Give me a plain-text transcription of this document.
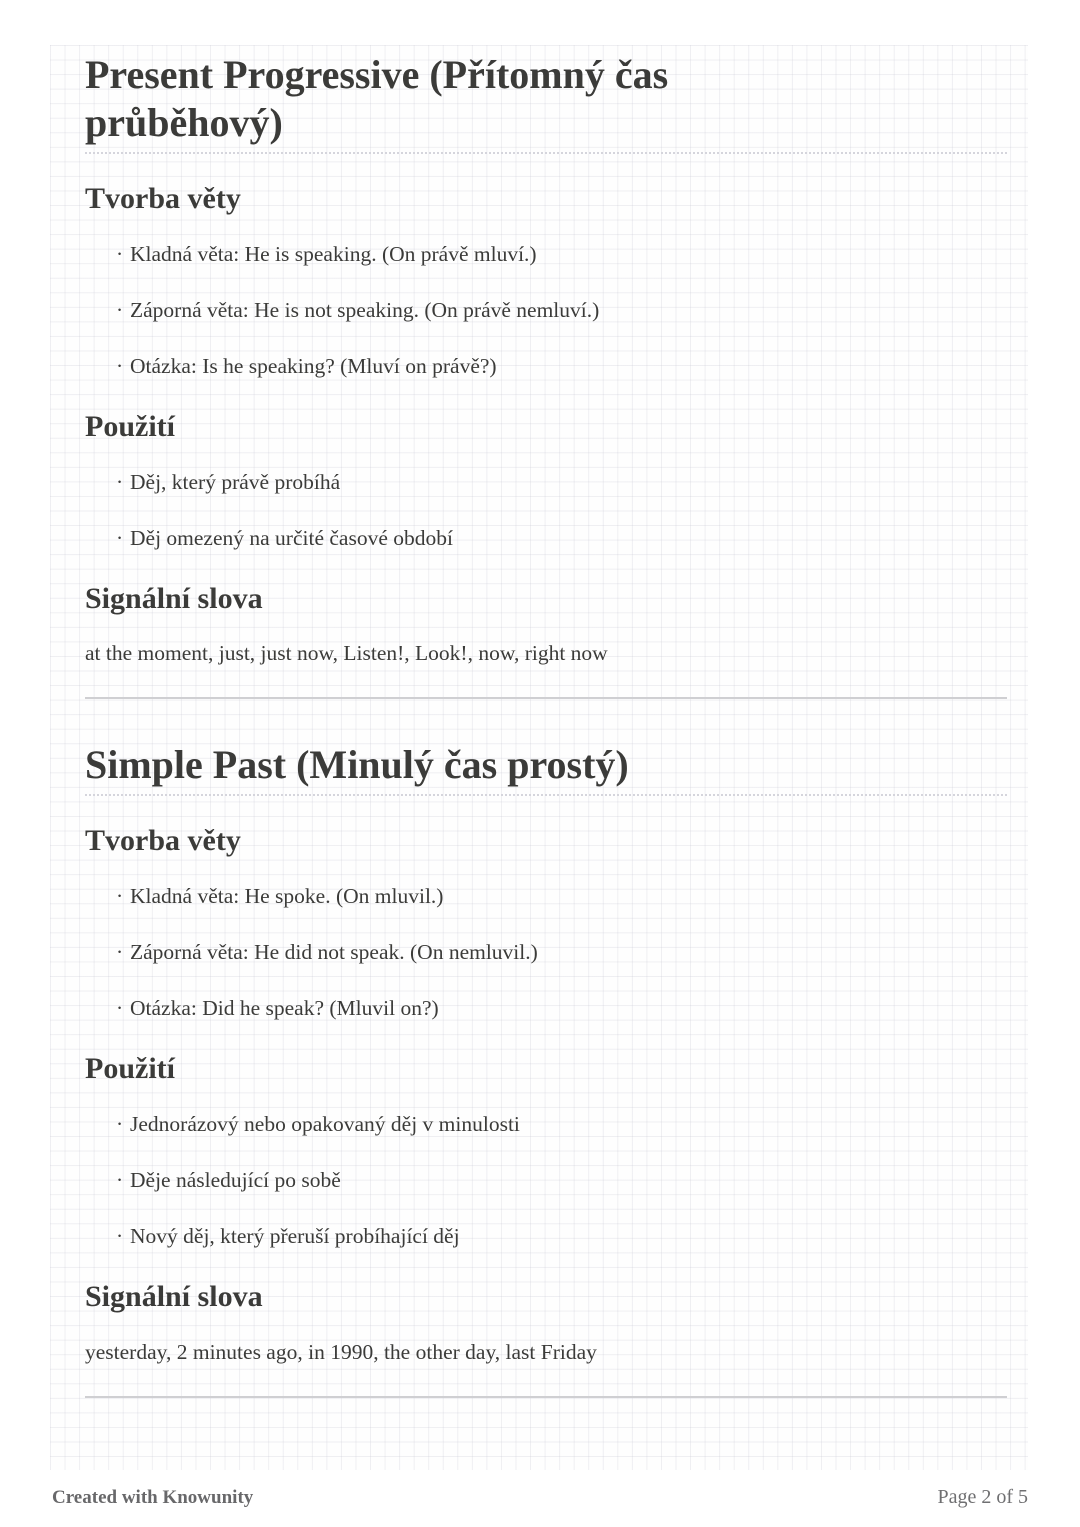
Present Progressive (Přítomný čas průběhový)
Tvorba věty
· Kladná věta: He is speaking. (On právě mluví.)
· Záporná věta: He is not speaking. (On právě nemluví.)
· Otázka: Is he speaking? (Mluví on právě?)
Použití
· Děj, který právě probíhá
· Děj omezený na určité časové období
Signální slova

at the moment, just, just now, Listen!, Look!, now, right now

Simple Past (Minulý čas prostý)
Tvorba věty
· Kladná věta: He spoke. (On mluvil.)
· Záporná věta: He did not speak. (On nemluvil.)
· Otázka: Did he speak? (Mluvil on?)
Použití
· Jednorázový nebo opakovaný děj v minulosti
· Děje následující po sobě
· Nový děj, který přeruší probíhající děj
Signální slova

yesterday, 2 minutes ago, in 1990, the other day, last Friday

Created with Knowunity	Page 2 of 5
